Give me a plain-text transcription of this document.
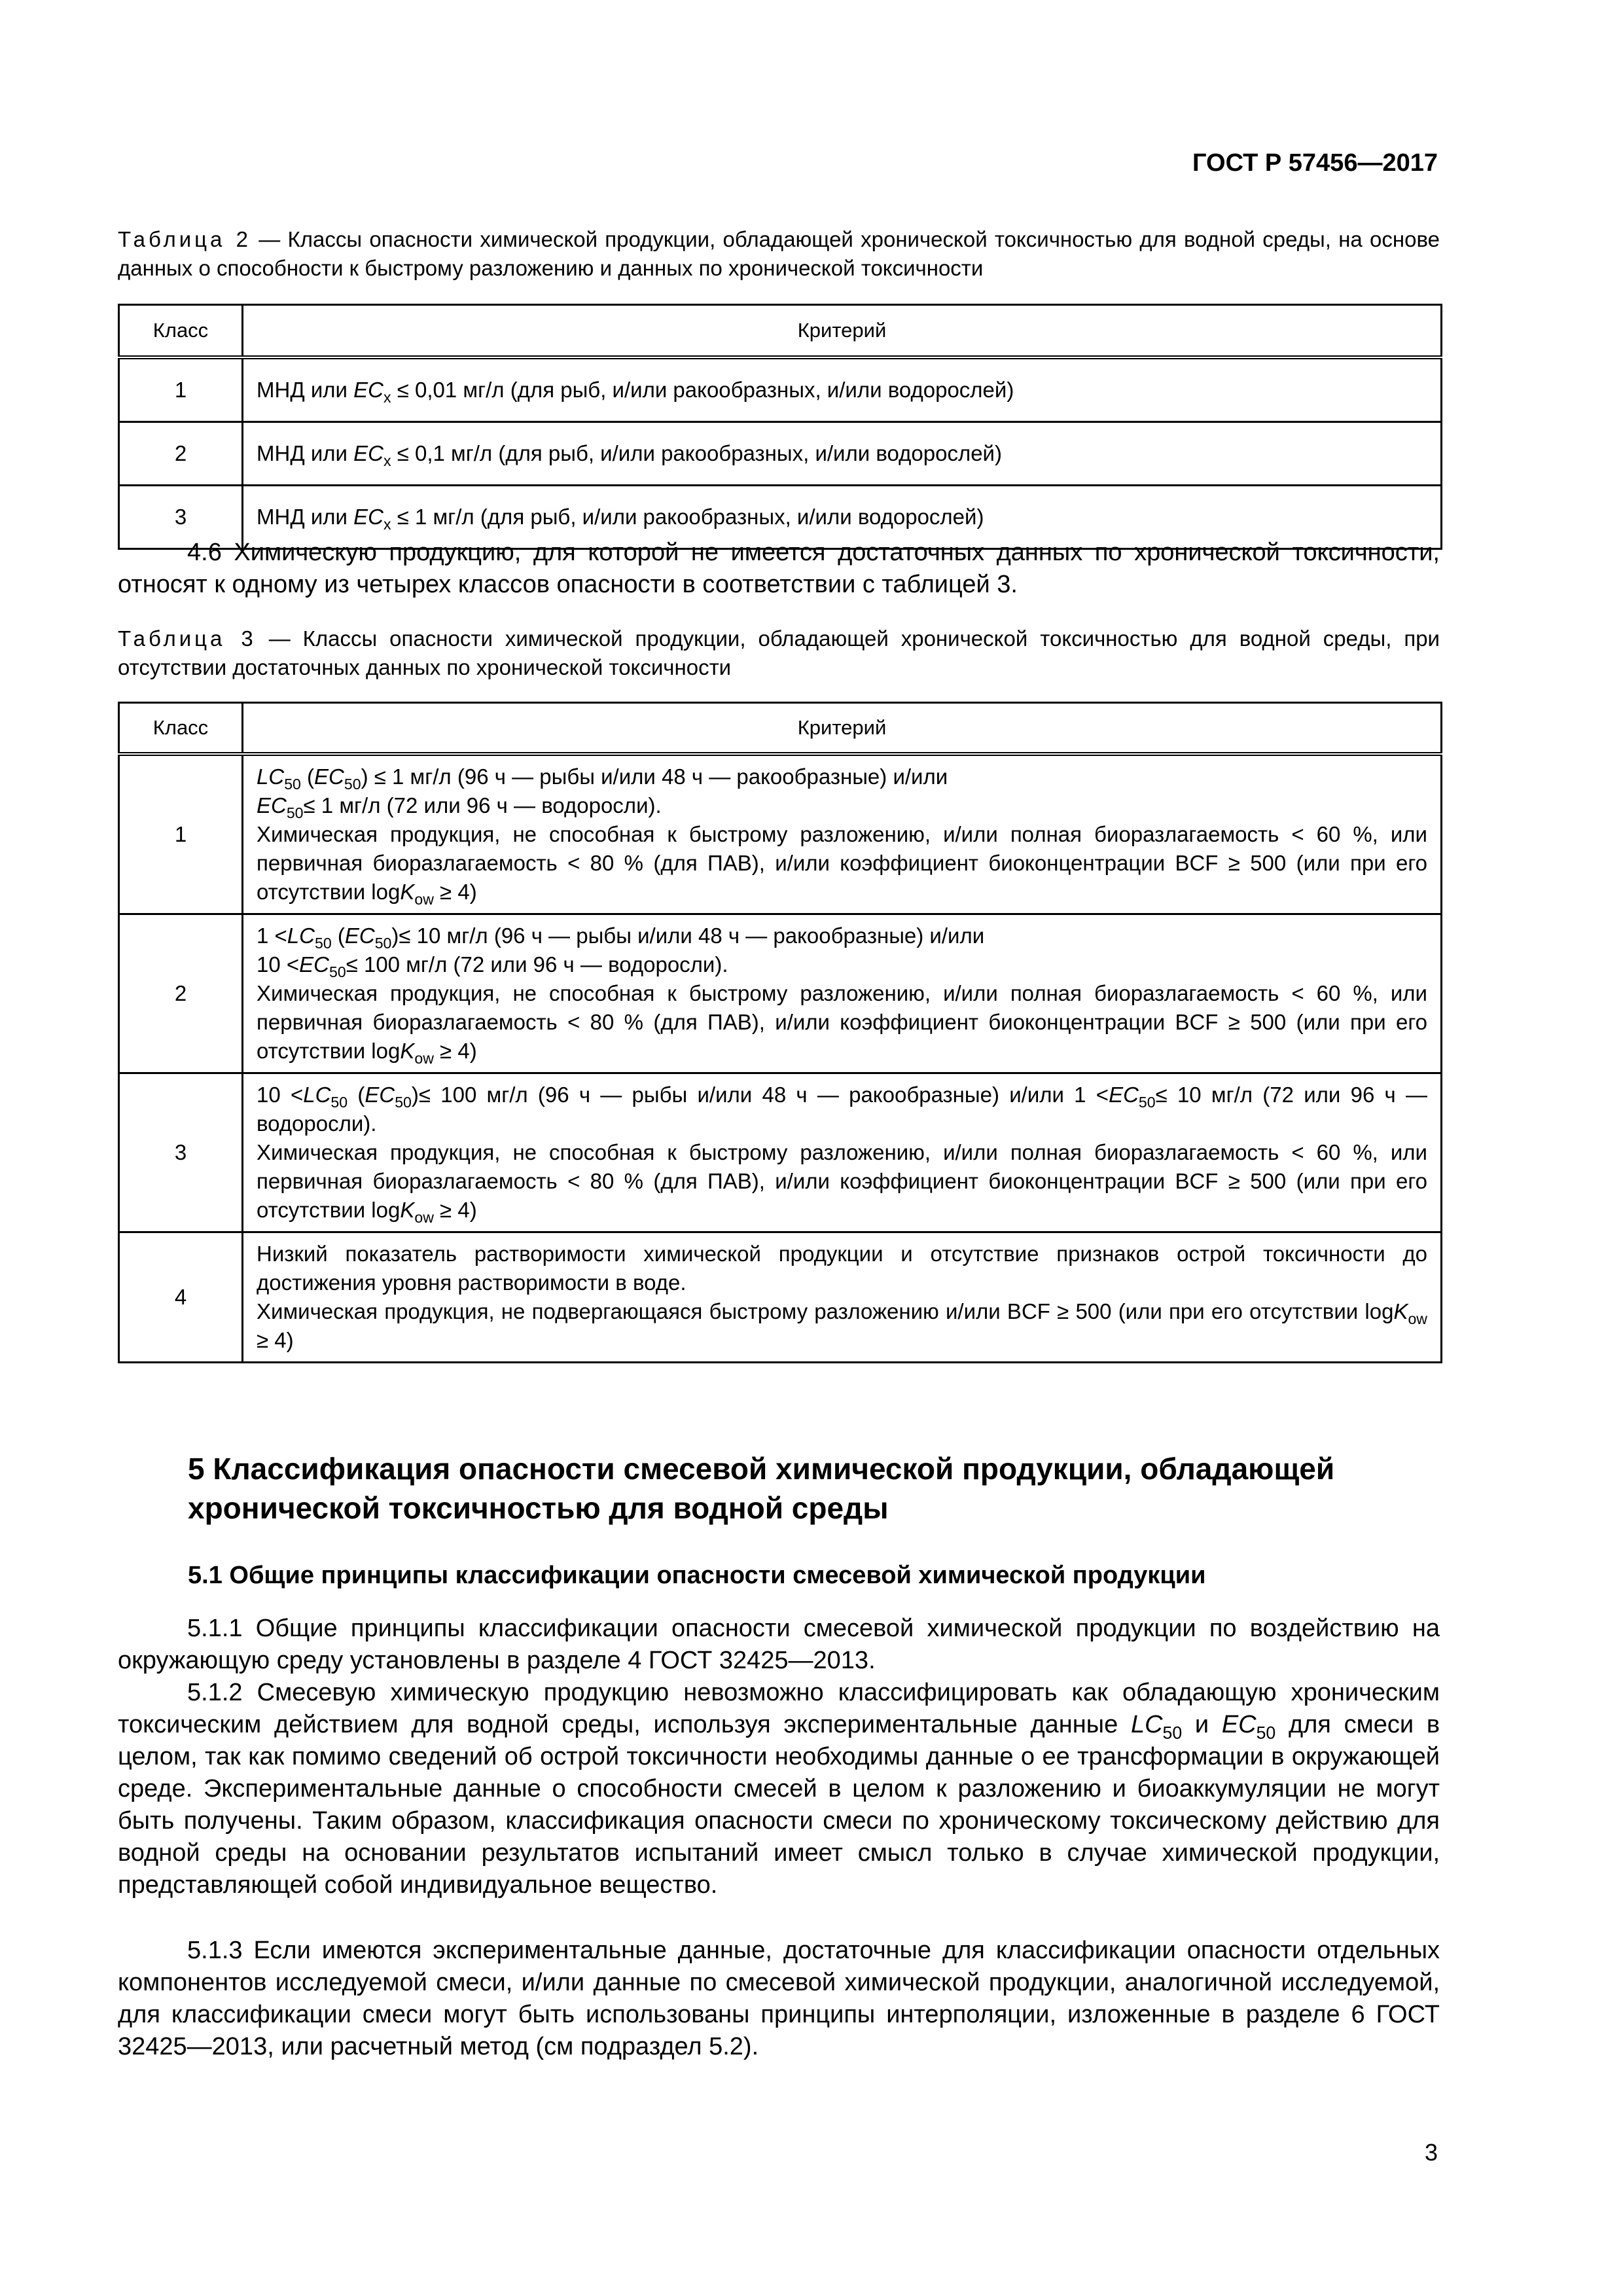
ГОСТ Р 57456—2017
Таблица 2 — Классы опасности химической продукции, обладающей хронической токсичностью для водной среды, на основе данных о способности к быстрому разложению и данных по хронической токсичности
Класс	Критерий
1	МНД или $EC_x \le 0,01$ мг/л (для рыб, и/или ракообразных, и/или водорослей)
2	МНД или $EC_x \le 0,1$ мг/л (для рыб, и/или ракообразных, и/или водорослей)
3	МНД или $EC_x \le 1$ мг/л (для рыб, и/или ракообразных, и/или водорослей)
4.6 Химическую продукцию, для которой не имеется достаточных данных по хронической токсичности, относят к одному из четырех классов опасности в соответствии с таблицей 3.
Таблица 3 — Классы опасности химической продукции, обладающей хронической токсичностью для водной среды, при отсутствии достаточных данных по хронической токсичности
Класс	Критерий
1	$LC_{50}$ $(EC_{50}) \le 1$ мг/л (96 ч — рыбы и/или 48 ч — ракообразные) и/или
$EC_{50}\le 1$ мг/л (72 или 96 ч — водоросли).
Химическая продукция, не способная к быстрому разложению, и/или полная биоразлагаемость < 60 %, или первичная биоразлагаемость < 80 % (для ПАВ), и/или коэффициент биоконцентрации BCF ≥ 500 (или при его отсутствии logK$_{ow}$ ≥ 4)

2	$1 <LC_{50}$ $(EC_{50})\le 10$ мг/л (96 ч — рыбы и/или 48 ч — ракообразные) и/или
$10 <EC_{50}\le 100$ мг/л (72 или 96 ч — водоросли).
Химическая продукция, не способная к быстрому разложению, и/или полная биоразлагаемость < 60 %, или первичная биоразлагаемость < 80 % (для ПАВ), и/или коэффициент биоконцентрации BCF ≥ 500 (или при его отсутствии logK$_{ow}$ ≥ 4)

3	$10 <LC_{50}$ $(EC_{50})\le 100$ мг/л (96 ч — рыбы и/или 48 ч — ракообразные) и/или $1 <EC_{50}\le 10$ мг/л (72 или 96 ч — водоросли).
Химическая продукция, не способная к быстрому разложению, и/или полная биоразлагаемость < 60 %, или первичная биоразлагаемость < 80 % (для ПАВ), и/или коэффициент биоконцентрации BCF ≥ 500 (или при его отсутствии logK$_{ow}$ ≥ 4)

4	Низкий показатель растворимости химической продукции и отсутствие признаков острой токсичности до достижения уровня растворимости в воде.
Химическая продукция, не подвергающаяся быстрому разложению и/или BCF ≥ 500 (или при его отсутствии logK$_{ow}$ ≥ 4)
5 Классификация опасности смесевой химической продукции, обладающей хронической токсичностью для водной среды
5.1 Общие принципы классификации опасности смесевой химической продукции
5.1.1 Общие принципы классификации опасности смесевой химической продукции по воздействию на окружающую среду установлены в разделе 4 ГОСТ 32425—2013.
5.1.2 Смесевую химическую продукцию невозможно классифицировать как обладающую хроническим токсическим действием для водной среды, используя экспериментальные данные $LC_{50}$ и $EC_{50}$ для смеси в целом, так как помимо сведений об острой токсичности необходимы данные о ее трансформации в окружающей среде. Экспериментальные данные о способности смесей в целом к разложению и биоаккумуляции не могут быть получены. Таким образом, классификация опасности смеси по хроническому токсическому действию для водной среды на основании результатов испытаний имеет смысл только в случае химической продукции, представляющей собой индивидуальное вещество.
5.1.3 Если имеются экспериментальные данные, достаточные для классификации опасности отдельных компонентов исследуемой смеси, и/или данные по смесевой химической продукции, аналогичной исследуемой, для классификации смеси могут быть использованы принципы интерполяции, изложенные в разделе 6 ГОСТ 32425—2013, или расчетный метод (см подраздел 5.2).
3
